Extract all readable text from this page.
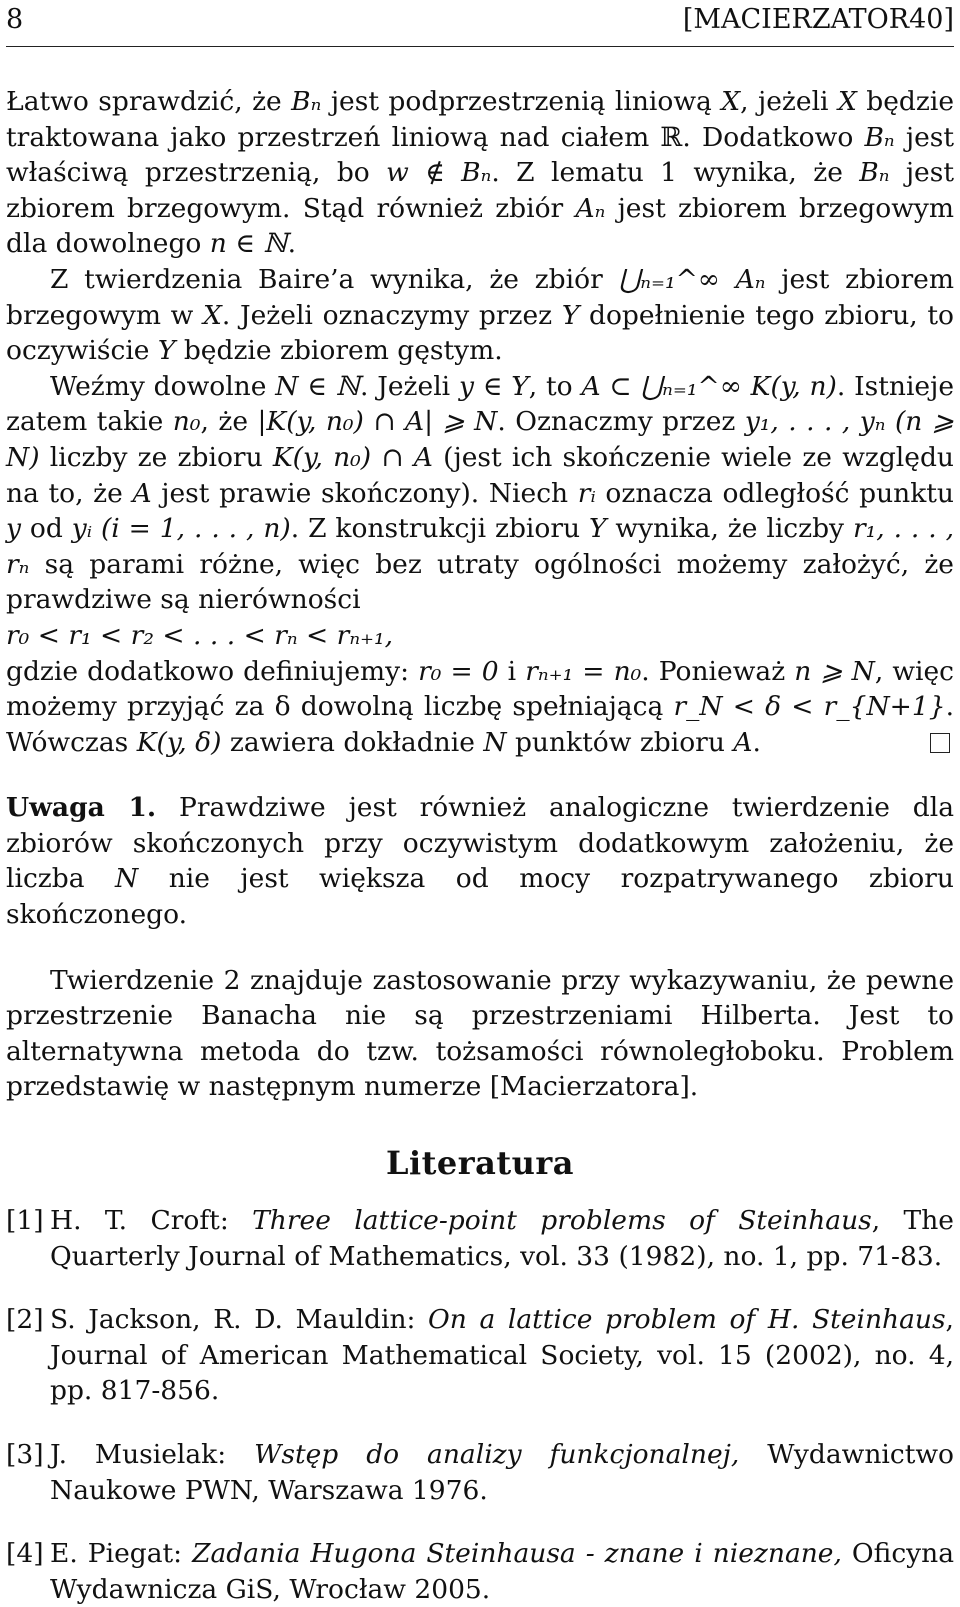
8	[MACIERZATOR40]

Łatwo sprawdzić, że Bₙ jest podprzestrzenią liniową X, jeżeli X będzie traktowana jako przestrzeń liniową nad ciałem ℝ. Dodatkowo Bₙ jest właściwą przestrzenią, bo w ∉ Bₙ. Z lematu 1 wynika, że Bₙ jest zbiorem brzegowym. Stąd również zbiór Aₙ jest zbiorem brzegowym dla dowolnego n ∈ ℕ.

Z twierdzenia Baire’a wynika, że zbiór ⋃ₙ₌₁^∞ Aₙ jest zbiorem brzegowym w X. Jeżeli oznaczymy przez Y dopełnienie tego zbioru, to oczywiście Y będzie zbiorem gęstym.

Weźmy dowolne N ∈ ℕ. Jeżeli y ∈ Y, to A ⊂ ⋃ₙ₌₁^∞ K(y, n). Istnieje zatem takie n₀, że |K(y, n₀) ∩ A| ⩾ N. Oznaczmy przez y₁, . . . , yₙ (n ⩾ N) liczby ze zbioru K(y, n₀) ∩ A (jest ich skończenie wiele ze względu na to, że A jest prawie skończony). Niech rᵢ oznacza odległość punktu y od yᵢ (i = 1, . . . , n). Z konstrukcji zbioru Y wynika, że liczby r₁, . . . , rₙ są parami różne, więc bez utraty ogólności możemy założyć, że prawdziwe są nierówności

r₀ < r₁ < r₂ < . . . < rₙ < rₙ₊₁,

gdzie dodatkowo definiujemy: r₀ = 0 i rₙ₊₁ = n₀. Ponieważ n ⩾ N, więc możemy przyjąć za δ dowolną liczbę spełniającą r_N < δ < r_{N+1}. Wówczas K(y, δ) zawiera dokładnie N punktów zbioru A.

Uwaga 1. Prawdziwe jest również analogiczne twierdzenie dla zbiorów skończonych przy oczywistym dodatkowym założeniu, że liczba N nie jest większa od mocy rozpatrywanego zbioru skończonego.

Twierdzenie 2 znajduje zastosowanie przy wykazywaniu, że pewne przestrzenie Banacha nie są przestrzeniami Hilberta. Jest to alternatywna metoda do tzw. tożsamości równoległoboku. Problem przedstawię w następnym numerze [Macierzatora].

Literatura
[1] H. T. Croft: Three lattice-point problems of Steinhaus, The Quarterly Journal of Mathematics, vol. 33 (1982), no. 1, pp. 71-83.
[2] S. Jackson, R. D. Mauldin: On a lattice problem of H. Steinhaus, Journal of American Mathematical Society, vol. 15 (2002), no. 4, pp. 817-856.
[3] J. Musielak: Wstęp do analizy funkcjonalnej, Wydawnictwo Naukowe PWN, Warszawa 1976.
[4] E. Piegat: Zadania Hugona Steinhausa - znane i nieznane, Oficyna Wydawnicza GiS, Wrocław 2005.
